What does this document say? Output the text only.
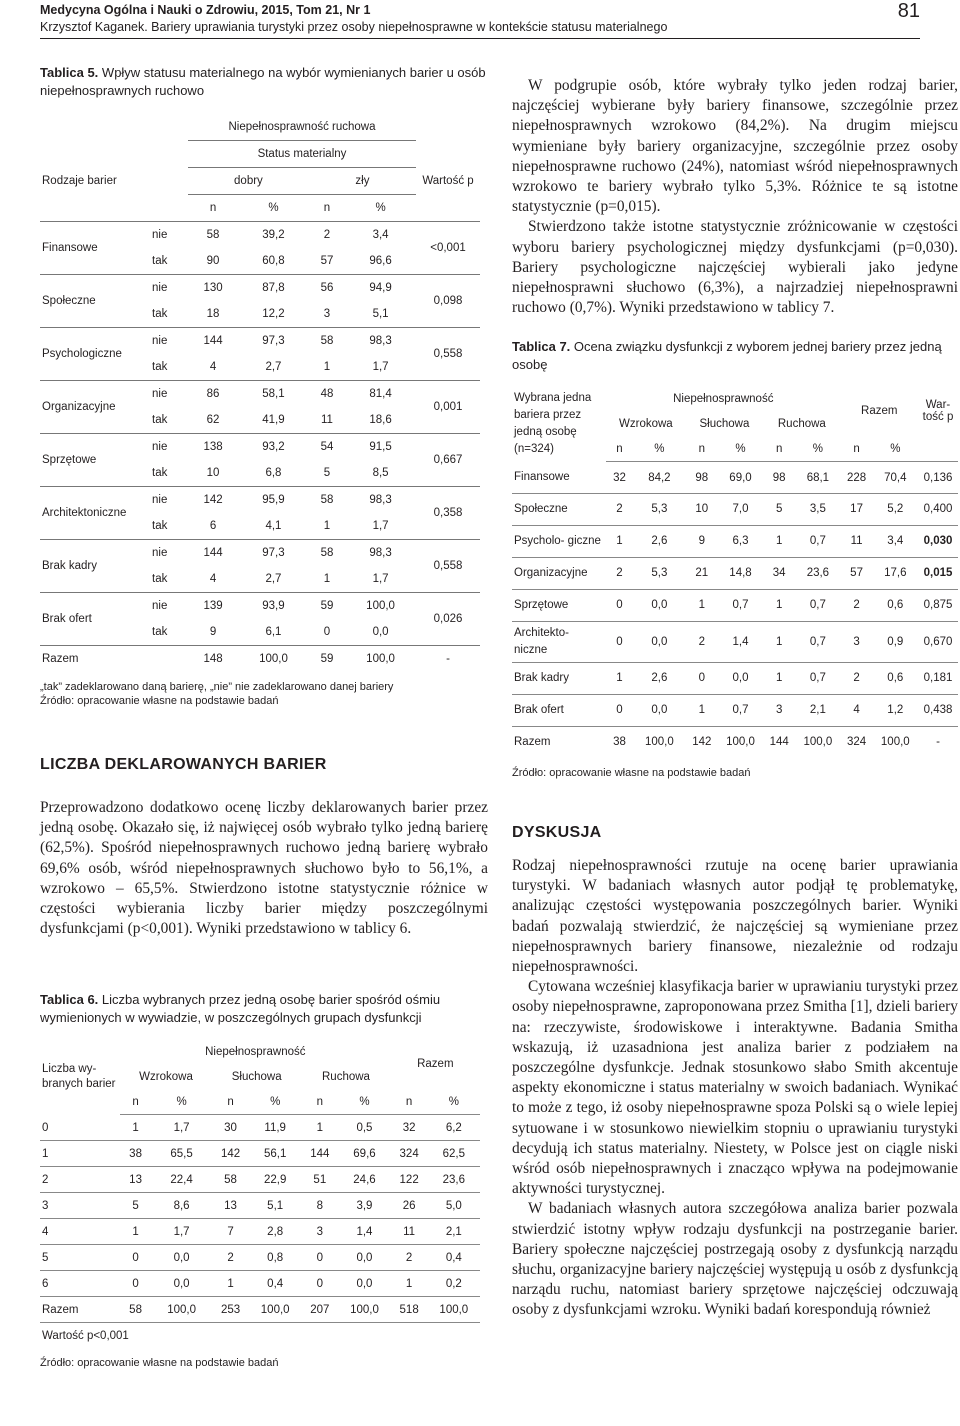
Medycyna Ogólna i Nauki o Zdrowiu, 2015, Tom 21, Nr 1
Krzysztof Kaganek. Bariery uprawiania turystyki przez osoby niepełnosprawne w kontekście statusu materialnego
81
Tablica 5. Wpływ statusu materialnego na wybór wymienianych barier u osób niepełnosprawnych ruchowo
		Niepełnosprawność ruchowa				
Rodzaje barier		Status materialny				Wartość p
		dobry		zły		
		n	%	n	%	
Finansowe	nie	58	39,2	2	3,4	<0,001
	tak	90	60,8	57	96,6	
Społeczne	nie	130	87,8	56	94,9	0,098
	tak	18	12,2	3	5,1	
Psychologiczne	nie	144	97,3	58	98,3	0,558
	tak	4	2,7	1	1,7	
Organizacyjne	nie	86	58,1	48	81,4	0,001
	tak	62	41,9	11	18,6	
Sprzętowe	nie	138	93,2	54	91,5	0,667
	tak	10	6,8	5	8,5	
Architektoniczne	nie	142	95,9	58	98,3	0,358
	tak	6	4,1	1	1,7	
Brak kadry	nie	144	97,3	58	98,3	0,558
	tak	4	2,7	1	1,7	
Brak ofert	nie	139	93,9	59	100,0	0,026
	tak	9	6,1	0	0,0	
Razem		148	100,0	59	100,0	-
„tak” zadeklarowano daną barierę, „nie” nie zadeklarowano danej bariery
Źródło: opracowanie własne na podstawie badań
LICZBA DEKLAROWANYCH BARIER

Przeprowadzono dodatkowo ocenę liczby deklarowanych barier przez jedną osobę. Okazało się, iż najwięcej osób wybrało tylko jedną barierę (62,5%). Spośród niepełnosprawnych ruchowo jedną barierę wybrało 69,6% osób, wśród niepełnosprawnych słuchowo było to 56,1%, a wzrokowo – 65,5%. Stwierdzono istotne statystycznie różnice w częstości wybierania liczby barier między poszczególnymi dysfunkcjami (p<0,001). Wyniki przedstawiono w tablicy 6.

Tablica 6. Liczba wybranych przez jedną osobę barier spośród ośmiu wymienionych w wywiadzie, w poszczególnych grupach dysfunkcji
Liczba wy- branych barier	Niepełnosprawność						Razem	
	Wzrokowa		Słuchowa		Ruchowa			
	n	%	n	%	n	%	n	%
0	1	1,7	30	11,9	1	0,5	32	6,2
1	38	65,5	142	56,1	144	69,6	324	62,5
2	13	22,4	58	22,9	51	24,6	122	23,6
3	5	8,6	13	5,1	8	3,9	26	5,0
4	1	1,7	7	2,8	3	1,4	11	2,1
5	0	0,0	2	0,8	0	0,0	2	0,4
6	0	0,0	1	0,4	0	0,0	1	0,2
Razem	58	100,0	253	100,0	207	100,0	518	100,0
Wartość p<0,001								
Źródło: opracowanie własne na podstawie badań

W podgrupie osób, które wybrały tylko jeden rodzaj barier, najczęściej wybierane były bariery finansowe, szczególnie przez niepełnosprawnych wzrokowo (84,2%). Na drugim miejscu wymieniane były bariery organizacyjne, szczególnie przez osoby niepełnosprawne ruchowo (24%), natomiast wśród niepełnosprawnych wzrokowo te bariery wybrało tylko 5,3%. Różnice te są istotne statystycznie (p=0,015).

Stwierdzono także istotne statystycznie zróżnicowanie w częstości wyboru bariery psychologicznej między dysfunkcjami (p=0,030). Bariery psychologiczne najczęściej wybierali jako jedyne niepełnosprawni słuchowo (6,3%), a najrzadziej niepełnosprawni ruchowo (0,7%). Wyniki przedstawiono w tablicy 7.

Tablica 7. Ocena związku dysfunkcji z wyborem jednej bariery przez jedną osobę
Wybrana jedna bariera przez jedną osobę (n=324)	Niepełnosprawność						Razem		War- tość p
	Wzrokowa		Słuchowa		Ruchowa				
	n	%	n	%	n	%	n	%	
Finansowe	32	84,2	98	69,0	98	68,1	228	70,4	0,136
Społeczne	2	5,3	10	7,0	5	3,5	17	5,2	0,400
Psycholo- giczne	1	2,6	9	6,3	1	0,7	11	3,4	0,030
Organizacyjne	2	5,3	21	14,8	34	23,6	57	17,6	0,015
Sprzętowe	0	0,0	1	0,7	1	0,7	2	0,6	0,875
Architekto- niczne	0	0,0	2	1,4	1	0,7	3	0,9	0,670
Brak kadry	1	2,6	0	0,0	1	0,7	2	0,6	0,181
Brak ofert	0	0,0	1	0,7	3	2,1	4	1,2	0,438
Razem	38	100,0	142	100,0	144	100,0	324	100,0	-
Źródło: opracowanie własne na podstawie badań
DYSKUSJA

Rodzaj niepełnosprawności rzutuje na ocenę barier uprawiania turystyki. W badaniach własnych autor podjął tę problematykę, analizując częstości występowania poszczególnych barier. Wyniki badań pozwalają stwierdzić, że najczęściej są wymieniane przez niepełnosprawnych bariery finansowe, niezależnie od rodzaju niepełnosprawności.

Cytowana wcześniej klasyfikacja barier w uprawianiu turystyki przez osoby niepełnosprawne, zaproponowana przez Smitha [1], dzieli bariery na: rzeczywiste, środowiskowe i interaktywne. Badania Smitha wskazują, iż uzasadniona jest analiza barier z podziałem na poszczególne dysfunkcje. Jednak stosunkowo słabo Smith akcentuje aspekty ekonomiczne i status materialny w swoich badaniach. Wynikać to może z tego, iż osoby niepełnosprawne spoza Polski są o wiele lepiej sytuowane i w stosunkowo niewielkim stopniu o uprawianiu turystyki decydują ich status materialny. Niestety, w Polsce jest on ciągle niski wśród osób niepełnosprawnych i znacząco wpływa na podejmowanie aktywności turystycznej.

W badaniach własnych autora szczegółowa analiza barier pozwala stwierdzić istotny wpływ rodzaju dysfunkcji na postrzeganie barier. Bariery społeczne najczęściej postrzegają osoby z dysfunkcją narządu słuchu, organizacyjne bariery najczęściej występują u osób z dysfunkcją narządu ruchu, natomiast bariery sprzętowe najczęściej odczuwają osoby z dysfunkcjami wzroku. Wyniki badań korespondują również
